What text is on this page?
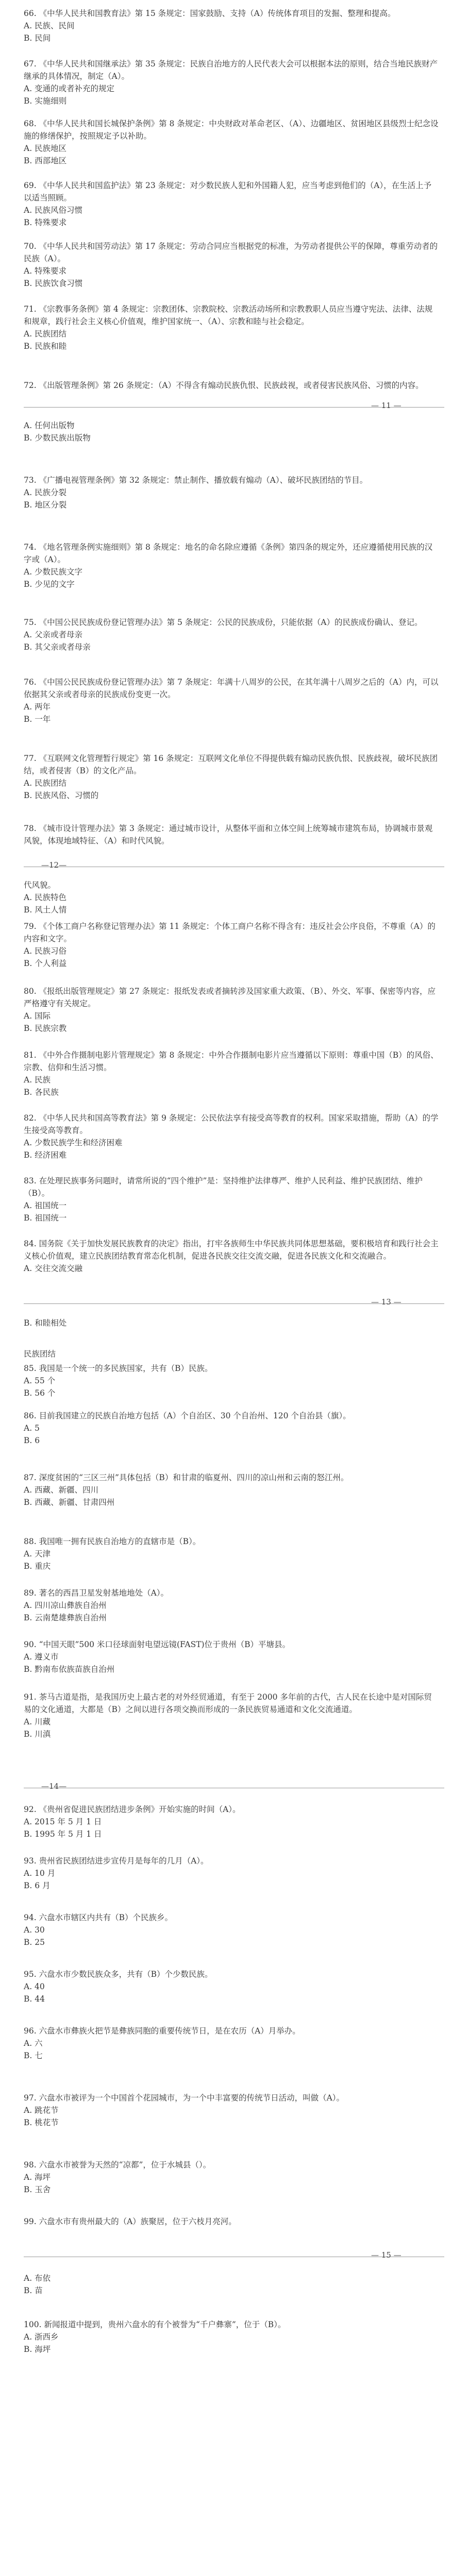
66. 《中华人民共和国教育法》第 15 条规定：国家鼓励、支持（A）传统体育项目的发掘、整理和提高。

A. 民族、民间

B. 民间

67. 《中华人民共和国继承法》第 35 条规定：民族自治地方的人民代表大会可以根据本法的原则，结合当地民族财产继承的具体情况，制定（A）。

A. 变通的或者补充的规定

B. 实施细则

68. 《中华人民共和国长城保护条例》第 8 条规定：中央财政对革命老区、（A）、边疆地区、贫困地区县级烈士纪念设施的修缮保护，按照规定予以补助。

A. 民族地区

B. 西部地区

69. 《中华人民共和国监护法》第 23 条规定：对少数民族人犯和外国籍人犯，应当考虑到他们的（A），在生活上予以适当照顾。

A. 民族风俗习惯

B. 特殊要求

70. 《中华人民共和国劳动法》第 17 条规定：劳动合同应当根据党的标准，为劳动者提供公平的保障，尊重劳动者的民族（A）。

A. 特殊要求

B. 民族饮食习惯

71. 《宗教事务条例》第 4 条规定：宗教团体、宗教院校、宗教活动场所和宗教教职人员应当遵守宪法、法律、法规和规章，践行社会主义核心价值观，维护国家统一、（A）、宗教和睦与社会稳定。

A. 民族团结

B. 民族和睦

72. 《出版管理条例》第 26 条规定：（A）不得含有煽动民族仇恨、民族歧视，或者侵害民族风俗、习惯的内容。

— 11 —

A. 任何出版物

B. 少数民族出版物

73. 《广播电视管理条例》第 32 条规定：禁止制作、播放载有煽动（A）、破坏民族团结的节目。

A. 民族分裂

B. 地区分裂

74. 《地名管理条例实施细则》第 8 条规定：地名的命名除应遵循《条例》第四条的规定外，还应遵循使用民族的汉字或（A）。

A. 少数民族文字

B. 少见的文字

75. 《中国公民民族成份登记管理办法》第 5 条规定：公民的民族成份，只能依据（A）的民族成份确认、登记。

A. 父亲或者母亲

B. 其父亲或者母亲

76. 《中国公民民族成份登记管理办法》第 7 条规定：年满十八周岁的公民，在其年满十八周岁之后的（A）内，可以依据其父亲或者母亲的民族成份变更一次。

A. 两年

B. 一年

77. 《互联网文化管理暂行规定》第 16 条规定：互联网文化单位不得提供载有煽动民族仇恨、民族歧视，破坏民族团结，或者侵害（B）的文化产品。

A. 民族团结

B. 民族风俗、习惯的

78. 《城市设计管理办法》第 3 条规定：通过城市设计，从整体平面和立体空间上统筹城市建筑布局，协调城市景观风貌，体现地域特征、（A）和时代风貌。

—12—

代风貌。

A. 民族特色

B. 风土人情

79. 《个体工商户名称登记管理办法》第 11 条规定：个体工商户名称不得含有：违反社会公序良俗，不尊重（A）的内容和文字。

A. 民族习俗

B. 个人利益

80. 《报纸出版管理规定》第 27 条规定：报纸发表或者摘转涉及国家重大政策、（B）、外交、军事、保密等内容，应严格遵守有关规定。

A. 国际

B. 民族宗教

81. 《中外合作摄制电影片管理规定》第 8 条规定：中外合作摄制电影片应当遵循以下原则：尊重中国（B）的风俗、宗教、信仰和生活习惯。

A. 民族

B. 各民族

82. 《中华人民共和国高等教育法》第 9 条规定：公民依法享有接受高等教育的权利。国家采取措施，帮助（A）的学生接受高等教育。

A. 少数民族学生和经济困难

B. 经济困难

83. 在处理民族事务问题时，请常所说的“四个维护”是：坚持维护法律尊严、维护人民利益、维护民族团结、维护（B）。

A. 祖国统一

B. 祖国统一

84. 国务院《关于加快发展民族教育的决定》指出，打牢各族师生中华民族共同体思想基础，要积极培育和践行社会主义核心价值观，建立民族团结教育常态化机制，促进各民族交往交流交融，促进各民族文化和交流融合。

A. 交往交流交融

— 13 —

B. 和睦相处

民族团结

85. 我国是一个统一的多民族国家，共有（B）民族。

A. 55 个

B. 56 个

86. 目前我国建立的民族自治地方包括（A）个自治区、30 个自治州、120 个自治县（旗）。

A. 5

B. 6

87. 深度贫困的“三区三州”具体包括（B）和甘肃的临夏州、四川的凉山州和云南的怒江州。

A. 西藏、新疆、四川

B. 西藏、新疆、甘肃四州

88. 我国唯一拥有民族自治地方的直辖市是（B）。

A. 天津

B. 重庆

89. 著名的西昌卫星发射基地地处（A）。

A. 四川凉山彝族自治州

B. 云南楚雄彝族自治州

90. “中国天眼”500 米口径球面射电望远镜(FAST)位于贵州（B）平塘县。

A. 遵义市

B. 黔南布依族苗族自治州

91. 茶马古道是指，是我国历史上最古老的对外经贸通道，有至于 2000 多年前的古代，古人民在长途中是对国际贸易的文化通道，大都是（B）之间以进行各项交换而形成的一条民族贸易通道和文化交流通道。

A. 川藏

B. 川滇

—14—

92. 《贵州省促进民族团结进步条例》开始实施的时间（A）。

A. 2015 年 5 月 1 日

B. 1995 年 5 月 1 日

93. 贵州省民族团结进步宣传月是每年的几月（A）。

A. 10 月

B. 6 月

94. 六盘水市辖区内共有（B）个民族乡。

A. 30

B. 25

95. 六盘水市少数民族众多，共有（B）个少数民族。

A. 40

B. 44

96. 六盘水市彝族火把节是彝族同胞的重要传统节日，是在农历（A）月举办。

A. 六

B. 七

97. 六盘水市被评为一个中国首个花园城市，为一个中丰富要的传统节日活动，叫做（A）。

A. 跳花节

B. 桃花节

98. 六盘水市被誉为天然的“凉都”，位于水城县（）。

A. 海坪

B. 玉舍

99. 六盘水市有贵州最大的（A）族聚居，位于六枝月亮河。

— 15 —

A. 布依

B. 苗

100. 新闻报道中提到，贵州六盘水的有个被誉为“千户彝寨”，位于（B）。

A. 浙西乡

B. 海坪
